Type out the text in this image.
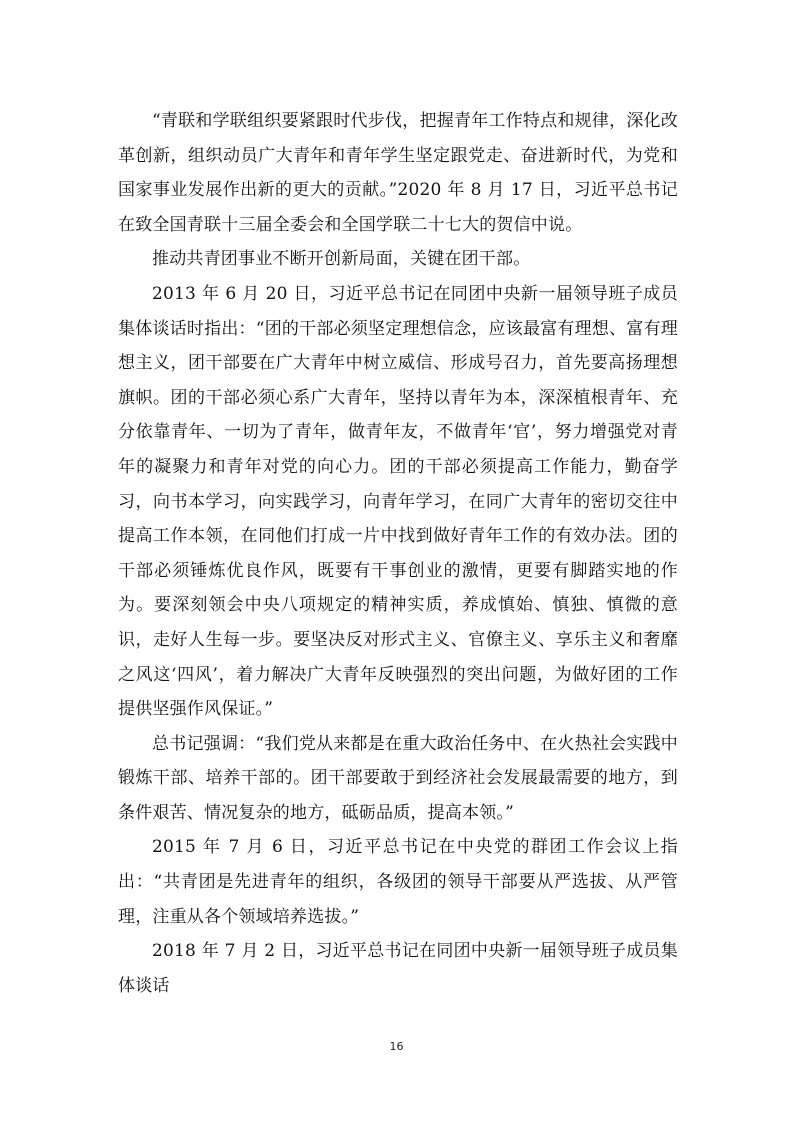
“青联和学联组织要紧跟时代步伐，把握青年工作特点和规律，深化改革创新，组织动员广大青年和青年学生坚定跟党走、奋进新时代，为党和国家事业发展作出新的更大的贡献。”2020 年 8 月 17 日，习近平总书记在致全国青联十三届全委会和全国学联二十七大的贺信中说。

推动共青团事业不断开创新局面，关键在团干部。

2013 年 6 月 20 日，习近平总书记在同团中央新一届领导班子成员集体谈话时指出：“团的干部必须坚定理想信念，应该最富有理想、富有理想主义，团干部要在广大青年中树立威信、形成号召力，首先要高扬理想旗帜。团的干部必须心系广大青年，坚持以青年为本，深深植根青年、充分依靠青年、一切为了青年，做青年友，不做青年‘官’，努力增强党对青年的凝聚力和青年对党的向心力。团的干部必须提高工作能力，勤奋学习，向书本学习，向实践学习，向青年学习，在同广大青年的密切交往中提高工作本领，在同他们打成一片中找到做好青年工作的有效办法。团的干部必须锤炼优良作风，既要有干事创业的激情，更要有脚踏实地的作为。要深刻领会中央八项规定的精神实质，养成慎始、慎独、慎微的意识，走好人生每一步。要坚决反对形式主义、官僚主义、享乐主义和奢靡之风这‘四风’，着力解决广大青年反映强烈的突出问题，为做好团的工作提供坚强作风保证。”

总书记强调：“我们党从来都是在重大政治任务中、在火热社会实践中锻炼干部、培养干部的。团干部要敢于到经济社会发展最需要的地方，到条件艰苦、情况复杂的地方，砥砺品质，提高本领。”

2015 年 7 月 6 日，习近平总书记在中央党的群团工作会议上指出：“共青团是先进青年的组织，各级团的领导干部要从严选拔、从严管理，注重从各个领域培养选拔。”

2018 年 7 月 2 日，习近平总书记在同团中央新一届领导班子成员集体谈话

16
